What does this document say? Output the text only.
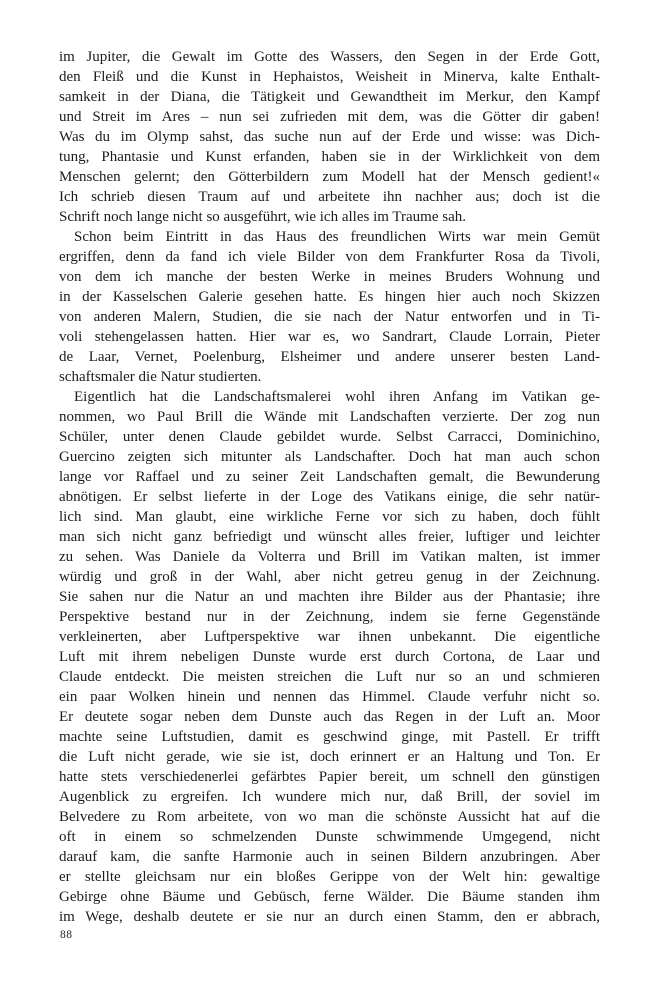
im Jupiter, die Gewalt im Gotte des Wassers, den Segen in der Erde Gott,
den Fleiß und die Kunst in Hephaistos, Weisheit in Minerva, kalte Enthalt-
samkeit in der Diana, die Tätigkeit und Gewandtheit im Merkur, den Kampf
und Streit im Ares – nun sei zufrieden mit dem, was die Götter dir gaben!
Was du im Olymp sahst, das suche nun auf der Erde und wisse: was Dich-
tung, Phantasie und Kunst erfanden, haben sie in der Wirklichkeit von dem
Menschen gelernt; den Götterbildern zum Modell hat der Mensch gedient!«
Ich schrieb diesen Traum auf und arbeitete ihn nachher aus; doch ist die
Schrift noch lange nicht so ausgeführt, wie ich alles im Traume sah.
Schon beim Eintritt in das Haus des freundlichen Wirts war mein Gemüt
ergriffen, denn da fand ich viele Bilder von dem Frankfurter Rosa da Tivoli,
von dem ich manche der besten Werke in meines Bruders Wohnung und
in der Kasselschen Galerie gesehen hatte. Es hingen hier auch noch Skizzen
von anderen Malern, Studien, die sie nach der Natur entworfen und in Ti-
voli stehengelassen hatten. Hier war es, wo Sandrart, Claude Lorrain, Pieter
de Laar, Vernet, Poelenburg, Elsheimer und andere unserer besten Land-
schaftsmaler die Natur studierten.
Eigentlich hat die Landschaftsmalerei wohl ihren Anfang im Vatikan ge-
nommen, wo Paul Brill die Wände mit Landschaften verzierte. Der zog nun
Schüler, unter denen Claude gebildet wurde. Selbst Carracci, Dominichino,
Guercino zeigten sich mitunter als Landschafter. Doch hat man auch schon
lange vor Raffael und zu seiner Zeit Landschaften gemalt, die Bewunderung
abnötigen. Er selbst lieferte in der Loge des Vatikans einige, die sehr natür-
lich sind. Man glaubt, eine wirkliche Ferne vor sich zu haben, doch fühlt
man sich nicht ganz befriedigt und wünscht alles freier, luftiger und leichter
zu sehen. Was Daniele da Volterra und Brill im Vatikan malten, ist immer
würdig und groß in der Wahl, aber nicht getreu genug in der Zeichnung.
Sie sahen nur die Natur an und machten ihre Bilder aus der Phantasie; ihre
Perspektive bestand nur in der Zeichnung, indem sie ferne Gegenstände
verkleinerten, aber Luftperspektive war ihnen unbekannt. Die eigentliche
Luft mit ihrem nebeligen Dunste wurde erst durch Cortona, de Laar und
Claude entdeckt. Die meisten streichen die Luft nur so an und schmieren
ein paar Wolken hinein und nennen das Himmel. Claude verfuhr nicht so.
Er deutete sogar neben dem Dunste auch das Regen in der Luft an. Moor
machte seine Luftstudien, damit es geschwind ginge, mit Pastell. Er trifft
die Luft nicht gerade, wie sie ist, doch erinnert er an Haltung und Ton. Er
hatte stets verschiedenerlei gefärbtes Papier bereit, um schnell den günstigen
Augenblick zu ergreifen. Ich wundere mich nur, daß Brill, der soviel im
Belvedere zu Rom arbeitete, von wo man die schönste Aussicht hat auf die
oft in einem so schmelzenden Dunste schwimmende Umgegend, nicht
darauf kam, die sanfte Harmonie auch in seinen Bildern anzubringen. Aber
er stellte gleichsam nur ein bloßes Gerippe von der Welt hin: gewaltige
Gebirge ohne Bäume und Gebüsch, ferne Wälder. Die Bäume standen ihm
im Wege, deshalb deutete er sie nur an durch einen Stamm, den er abbrach,
88
